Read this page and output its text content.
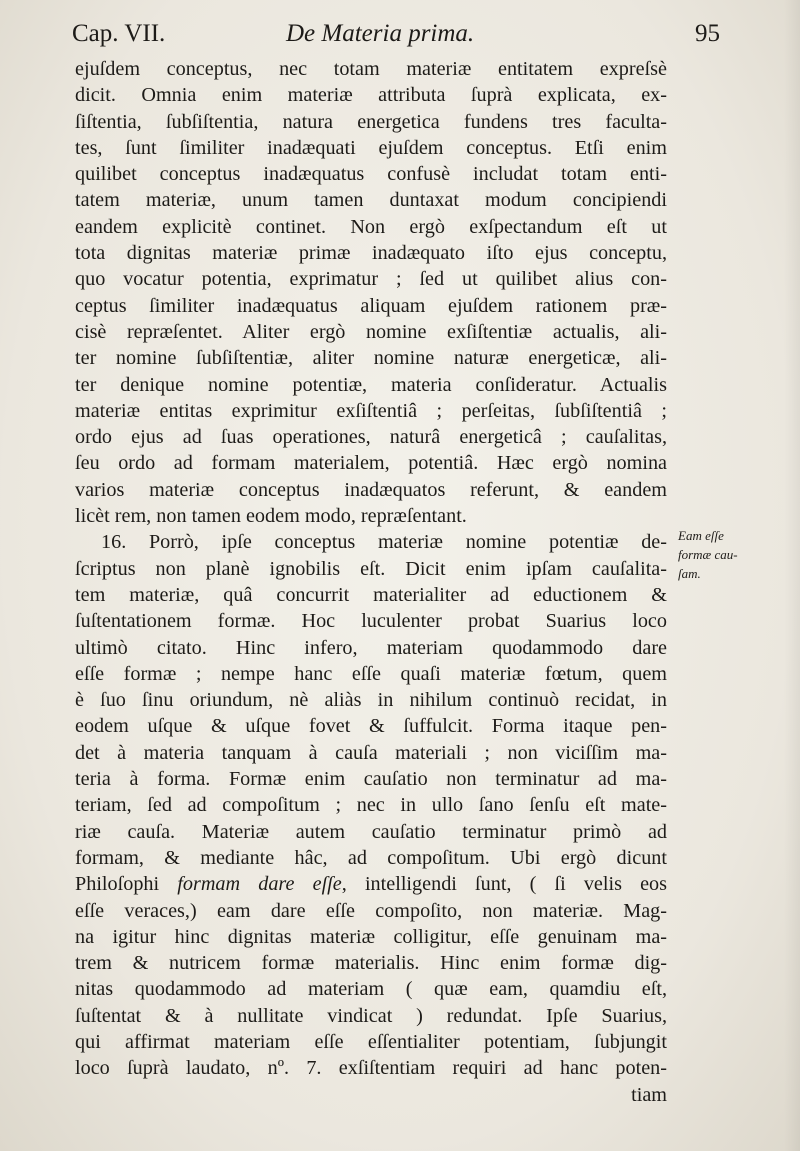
Cap. VII.	De Materia prima.	95
ejuſdem conceptus, nec totam materiæ entitatem expreſsè
dicit. Omnia enim materiæ attributa ſuprà explicata, ex-
ſiſtentia, ſubſiſtentia, natura energetica fundens tres facultа-
tes, ſunt ſimiliter inadæquati ejuſdem conceptus. Etſi enim
quilibet conceptus inadæquatus confusè includat totam enti-
tatem materiæ, unum tamen duntaxat modum concipiendi
eandem explicitè continet. Non ergò exſpectandum eſt ut
tota dignitas materiæ primæ inadæquato iſto ejus conceptu,
quo vocatur potentia, exprimatur ; ſed ut quilibet alius con-
ceptus ſimiliter inadæquatus aliquam ejuſdem rationem præ-
cisè repræſentet. Aliter ergò nomine exſiſtentiæ actualis, ali-
ter nomine ſubſiſtentiæ, aliter nomine naturæ energeticæ, ali-
ter denique nomine potentiæ, materia conſideratur. Actualis
materiæ entitas exprimitur exſiſtentiâ ; perſeitas, ſubſiſtentiâ ;
ordo ejus ad ſuas operationes, naturâ energeticâ ; cauſalitas,
ſeu ordo ad formam materialem, potentiâ. Hæc ergò nomina
varios materiæ conceptus inadæquatos referunt, & eandem
licèt rem, non tamen eodem modo, repræſentant.
16. Porrò, ipſe conceptus materiæ nomine potentiæ de-
ſcriptus non planè ignobilis eſt. Dicit enim ipſam cauſalita-
tem materiæ, quâ concurrit materialiter ad eductionem &
ſuſtentationem formæ. Hoc luculenter probat Suarius loco
ultimò citato. Hinc infero, materiam quodammodo dare
eſſe formæ ; nempe hanc eſſe quaſi materiæ fœtum, quem
è ſuo ſinu oriundum, nè aliàs in nihilum continuò recidat, in
eodem uſque & uſque fovet & ſuffulcit. Forma itaque pen-
det à materia tanquam à cauſa materiali ; non viciſſim ma-
teria à forma. Formæ enim cauſatio non terminatur ad ma-
teriam, ſed ad compoſitum ; nec in ullo ſano ſenſu eſt mate-
riæ cauſa. Materiæ autem cauſatio terminatur primò ad
formam, & mediante hâc, ad compoſitum. Ubi ergò dicunt
Philoſophi formam dare eſſe, intelligendi ſunt, ( ſi velis eos
eſſe veraces,) eam dare eſſe compoſito, non materiæ. Mag-
na igitur hinc dignitas materiæ colligitur, eſſe genuinam ma-
trem & nutricem formæ materialis. Hinc enim formæ dig-
nitas quodammodo ad materiam ( quæ eam, quamdiu eſt,
ſuſtentat & à nullitate vindicat ) redundat. Ipſe Suarius,
qui affirmat materiam eſſe eſſentialiter potentiam, ſubjungit
loco ſuprà laudato, nº. 7. exſiſtentiam requiri ad hanc poten-
tiam
Eam eſſe
formæ cau-
ſam.
